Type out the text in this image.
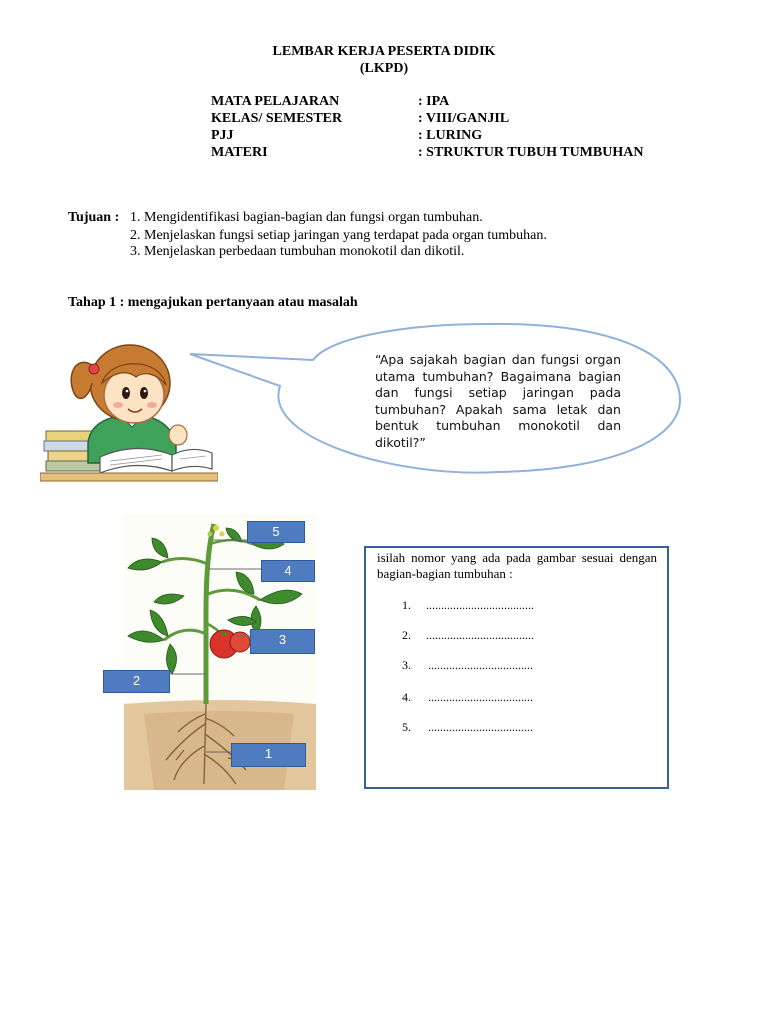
LEMBAR KERJA PESERTA DIDIK
(LKPD)
MATA PELAJARAN	: IPA
KELAS/ SEMESTER	: VIII/GANJIL
PJJ	: LURING
MATERI	: STRUKTUR TUBUH TUMBUHAN
Tujuan : 1. Mengidentifikasi bagian-bagian dan fungsi organ tumbuhan.
2. Menjelaskan fungsi setiap jaringan yang terdapat pada organ tumbuhan.
3. Menjelaskan perbedaan tumbuhan monokotil dan dikotil.
Tahap 1 : mengajukan pertanyaan atau masalah
“Apa sajakah bagian dan fungsi organ utama tumbuhan? Bagaimana bagian dan fungsi setiap jaringan pada tumbuhan? Apakah sama letak dan bentuk tumbuhan monokotil dan dikotil?”
5
4
3
2
1
isilah nomor yang ada pada gambar sesuai dengan bagian-bagian tumbuhan :
1. ....................................
2. ....................................
3. ...................................
4. ...................................
5. ...................................
